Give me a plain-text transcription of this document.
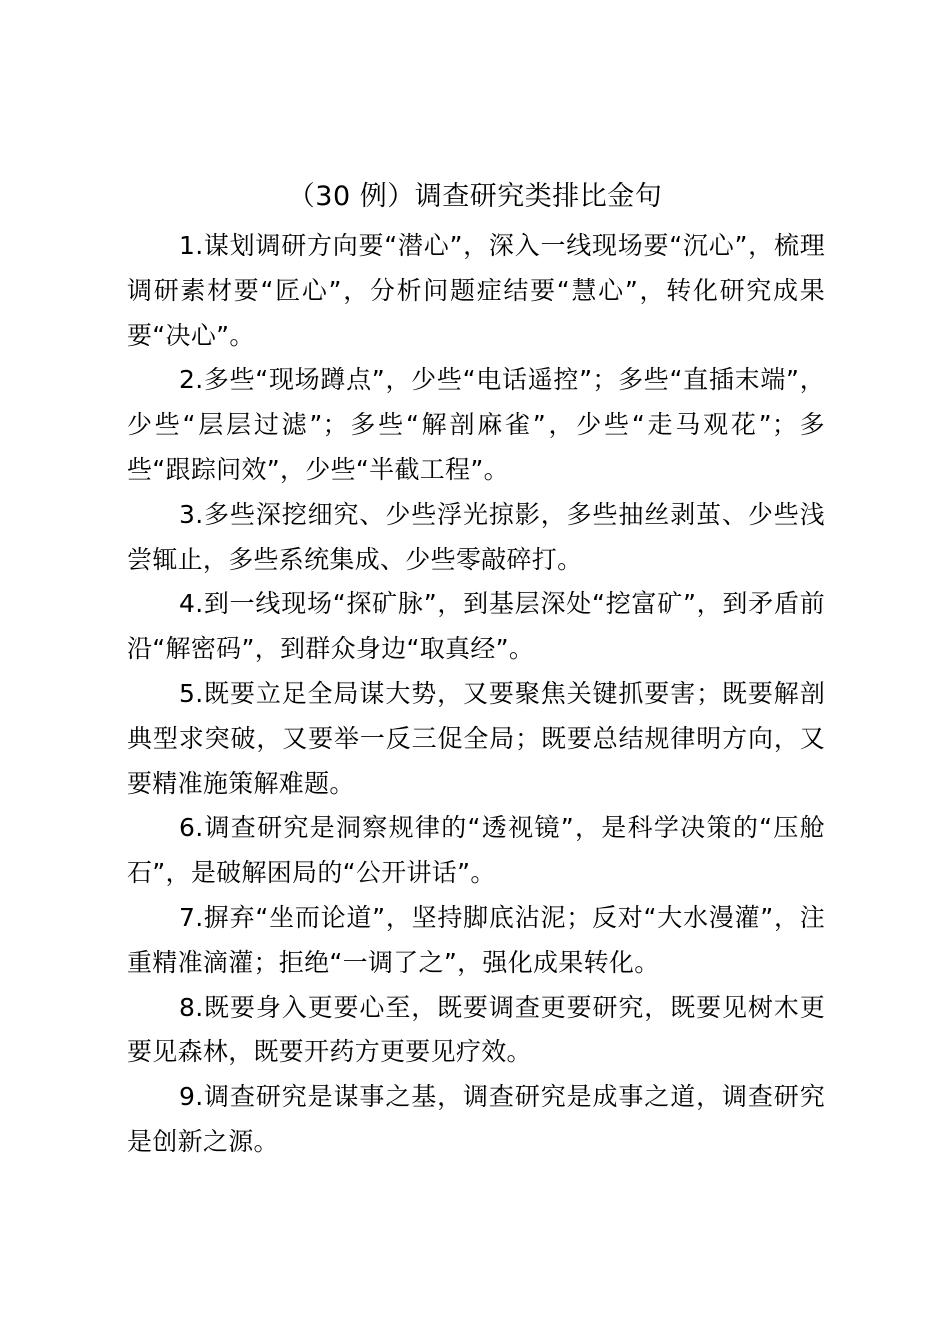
（30 例）调查研究类排比金句

1.谋划调研方向要“潜心”，深入一线现场要“沉心”，梳理调研素材要“匠心”，分析问题症结要“慧心”，转化研究成果要“决心”。

2.多些“现场蹲点”，少些“电话遥控”；多些“直插末端”，少些“层层过滤”；多些“解剖麻雀”，少些“走马观花”；多些“跟踪问效”，少些“半截工程”。

3.多些深挖细究、少些浮光掠影，多些抽丝剥茧、少些浅尝辄止，多些系统集成、少些零敲碎打。

4.到一线现场“探矿脉”，到基层深处“挖富矿”，到矛盾前沿“解密码”，到群众身边“取真经”。

5.既要立足全局谋大势，又要聚焦关键抓要害；既要解剖典型求突破，又要举一反三促全局；既要总结规律明方向，又要精准施策解难题。

6.调查研究是洞察规律的“透视镜”，是科学决策的“压舱石”，是破解困局的“公开讲话”。

7.摒弃“坐而论道”，坚持脚底沾泥；反对“大水漫灌”，注重精准滴灌；拒绝“一调了之”，强化成果转化。

8.既要身入更要心至，既要调查更要研究，既要见树木更要见森林，既要开药方更要见疗效。

9.调查研究是谋事之基，调查研究是成事之道，调查研究是创新之源。
